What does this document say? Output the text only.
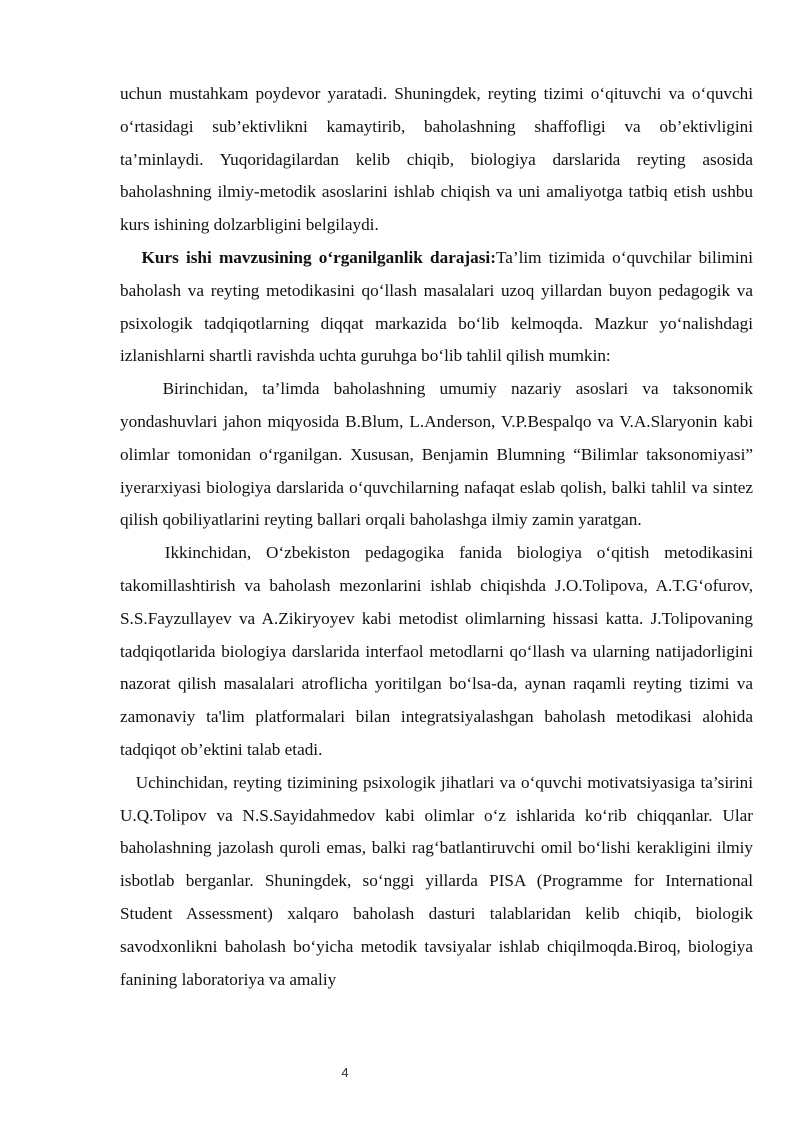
uchun mustahkam poydevor yaratadi. Shuningdek, reyting tizimi o‘qituvchi va o‘quvchi o‘rtasidagi sub’ektivlikni kamaytirib, baholashning shaffofligi va ob’ektivligini ta’minlaydi. Yuqoridagilardan kelib chiqib, biologiya darslarida reyting asosida baholashning ilmiy-metodik asoslarini ishlab chiqish va uni amaliyotga tatbiq etish ushbu kurs ishining dolzarbligini belgilaydi.

Kurs ishi mavzusining o‘rganilganlik darajasi:Ta’lim tizimida o‘quvchilar bilimini baholash va reyting metodikasini qo‘llash masalalari uzoq yillardan buyon pedagogik va psixologik tadqiqotlarning diqqat markazida bo‘lib kelmoqda. Mazkur yo‘nalishdagi izlanishlarni shartli ravishda uchta guruhga bo‘lib tahlil qilish mumkin:

Birinchidan, ta’limda baholashning umumiy nazariy asoslari va taksonomik yondashuvlari jahon miqyosida B.Blum, L.Anderson, V.P.Bespalqo va V.A.Slaryonin kabi olimlar tomonidan o‘rganilgan. Xususan, Benjamin Blumning “Bilimlar taksonomiyasi” iyerarxiyasi biologiya darslarida o‘quvchilarning nafaqat eslab qolish, balki tahlil va sintez qilish qobiliyatlarini reyting ballari orqali baholashga ilmiy zamin yaratgan.

Ikkinchidan, O‘zbekiston pedagogika fanida biologiya o‘qitish metodikasini takomillashtirish va baholash mezonlarini ishlab chiqishda J.O.Tolipova, A.T.G‘ofurov, S.S.Fayzullayev va A.Zikiryoyev kabi metodist olimlarning hissasi katta. J.Tolipovaning tadqiqotlarida biologiya darslarida interfaol metodlarni qo‘llash va ularning natijadorligini nazorat qilish masalalari atroflicha yoritilgan bo‘lsa-da, aynan raqamli reyting tizimi va zamonaviy ta'lim platformalari bilan integratsiyalashgan baholash metodikasi alohida tadqiqot ob’ektini talab etadi.

Uchinchidan, reyting tizimining psixologik jihatlari va o‘quvchi motivatsiyasiga ta’sirini U.Q.Tolipov va N.S.Sayidahmedov kabi olimlar o‘z ishlarida ko‘rib chiqqanlar. Ular baholashning jazolash quroli emas, balki rag‘batlantiruvchi omil bo‘lishi kerakligini ilmiy isbotlab berganlar. Shuningdek, so‘nggi yillarda PISA (Programme for International Student Assessment) xalqaro baholash dasturi talablaridan kelib chiqib, biologik savodxonlikni baholash bo‘yicha metodik tavsiyalar ishlab chiqilmoqda.Biroq, biologiya fanining laboratoriya va amaliy

4
